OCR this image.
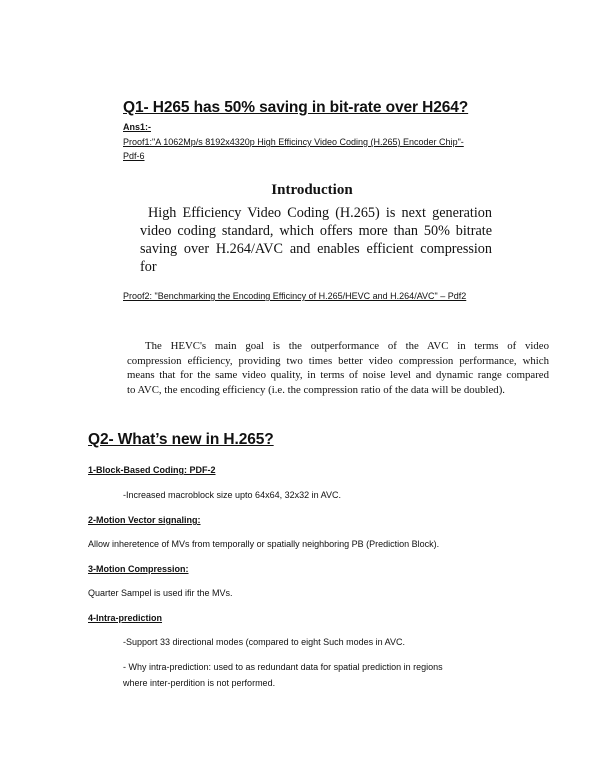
Q1- H265 has 50% saving in bit-rate over H264?
Ans1:-
Proof1:"A 1062Mp/s 8192x4320p High Efficincy Video Coding (H.265) Encoder Chip"-
Pdf-6
Introduction
High Efficiency Video Coding (H.265) is next generation
video coding standard, which offers more than 50% bitrate
saving over H.264/AVC and enables efficient compression for
Proof2: "Benchmarking the Encoding Efficincy of H.265/HEVC and H.264/AVC" – Pdf2
The HEVC's main goal is the outperformance of the AVC in terms of video
compression efficiency, providing two times better video compression performance, which
means that for the same video quality, in terms of noise level and dynamic range compared
to AVC, the encoding efficiency (i.e. the compression ratio of the data will be doubled).
Q2- What’s new in H.265?
1-Block-Based Coding: PDF-2
-Increased macroblock size upto 64x64, 32x32 in AVC.
2-Motion Vector signaling:
Allow inheretence of MVs from temporally or spatially neighboring PB (Prediction Block).
3-Motion Compression:
Quarter Sampel is used ifir the MVs.
4-Intra-prediction
-Support 33 directional modes (compared to eight Such modes in AVC.
- Why intra-prediction: used to as redundant data for spatial prediction in regions
where inter-perdition is not performed.
